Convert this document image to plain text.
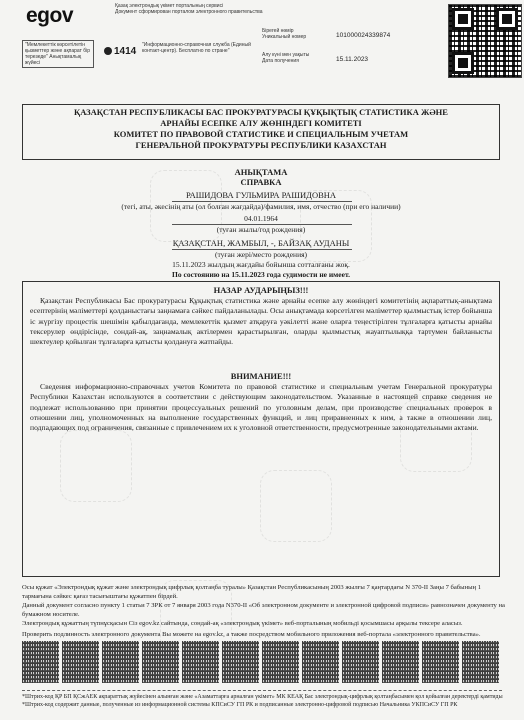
egov	Қазақ электрондық үкімет порталының сервисі
Документ сформирован порталом электронного правительства
"Мемлекеттік көрсетілетін қызметтер және ақпарат бір терезеде" Анықтамалық жүйесі
1414
"Информационно-справочная служба (Единый контакт-центр). Бесплатно по стране"
Бірегей нөмір
Уникальный номер	10100002433987​4
Алу күні мен уақыты
Дата получения	15.11.2023
ҚАЗАҚСТАН РЕСПУБЛИКАСЫ БАС ПРОКУРАТУРАСЫ ҚҰҚЫҚТЫҚ СТАТИСТИКА ЖӘНЕ
АРНАЙЫ ЕСЕПКЕ АЛУ ЖӨНІНДЕГІ КОМИТЕТІ
КОМИТЕТ ПО ПРАВОВОЙ СТАТИСТИКЕ И СПЕЦИАЛЬНЫМ УЧЕТАМ
ГЕНЕРАЛЬНОЙ ПРОКУРАТУРЫ РЕСПУБЛИКИ КАЗАХСТАН
АНЫҚТАМА
СПРАВКА
РАШИДОВА ГУЛЬМИРА РАШИДОВНА
(тегі, аты, әкесінің аты (ол болған жағдайда)/фамилия, имя, отчество (при его наличии)
04.01.1964
(туған жылы/год рождения)
ҚАЗАҚСТАН, ЖАМБЫЛ, -, БАЙЗАҚ АУДАНЫ
(туған жері/место рождения)
15.11.2023 жылдың жағдайы бойынша сотталғаны жоқ.
По состоянию на 15.11.2023 года судимости не имеет.
НАЗАР АУДАРЫҢЫЗ!!!
Қазақстан Республикасы Бас прокуратурасы Құқықтық статистика және арнайы есепке алу жөніндегі комитетінің ақпараттық-анықтама есептерінің мәліметтері қолданыстағы заңнамаға сәйкес пайдаланылады. Осы анықтамада көрсетілген мәліметтер қылмыстық істер бойынша іс жүргізу процестік шешімін қабылдағанда, мемлекеттік қызмет атқаруға уәкілетті және оларға теңестірілген тұлғаларға қатысты арнайы тексерулер өндірісінде, сондай-ақ, заңнамалық актілермен қарастырылған, оларды қылмыстық жауаптылыққа тартумен байланысты шектеулер қойылған тұлғаларға қатысты қолдануға жатпайды.
ВНИМАНИЕ!!!
Сведения информационно-справочных учетов Комитета по правовой статистике и специальным учетам Генеральной прокуратуры Республики Казахстан используются в соответствии с действующим законодательством. Указанные в настоящей справке сведения не подлежат использованию при принятии процессуальных решений по уголовным делам, при производстве специальных проверок в отношении лиц, уполномоченных на выполнение государственных функций, и лиц приравненных к ним, а также в отношении лиц, подпадающих под ограничения, связанные с привлечением их к уголовной ответственности, предусмотренные законодательными актами.
Осы құжат «Электрондық құжат және электрондық цифрлық қолтаңба туралы» Қазақстан Республикасының 2003 жылғы 7 қаңтардағы N 370-II Заңы 7 бабының 1 тармағына сәйкес қағаз тасығыштағы құжатпен бірдей.
Данный документ согласно пункту 1 статьи 7 ЗРК от 7 января 2003 года N370-II «Об электронном документе и электронной цифровой подписи» равнозначен документу на бумажном носителе.
Электрондық құжаттың түпнұсқасын Сіз egov.kz сайтында, сондай-ақ «электрондық үкімет» веб-порталының мобильді қосымшасы арқылы тексере аласыз.
Проверить подлинность электронного документа Вы можете на egov.kz, а также посредством мобильного приложения веб-портала «электронного правительства».
*Штрих-код ҚР БП ҚСжАЕК ақпараттық жүйесінен алынған және «Азаматтарға арналған үкімет» МК КЕАҚ Бас электрондық-цифрлық қолтаңбасымен қол қойылған деректерді қамтиды
*Штрих-код содержит данные, полученные из информационной системы КПСиСУ ГП РК и подписанные электронно-цифровой подписью Начальника УКПСиСУ ГП РК
